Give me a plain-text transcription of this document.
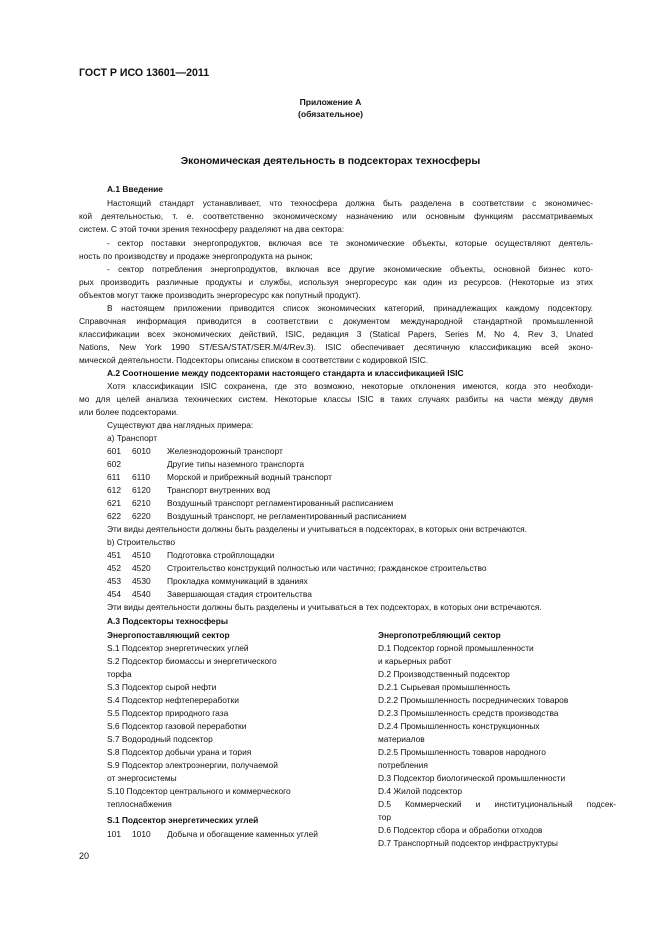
ГОСТ Р ИСО 13601—2011
Приложение А
(обязательное)
Экономическая деятельность в подсекторах техносферы
А.1 Введение
Настоящий стандарт устанавливает, что техносфера должна быть разделена в соответствии с экономичес-
кой деятельностью, т. е. соответственно экономическому назначению или основным функциям рассматриваемых
систем. С этой точки зрения техносферу разделяют на два сектора:
- сектор поставки энергопродуктов, включая все те экономические объекты, которые осуществляют деятель-
ность по производству и продаже энергопродукта на рынок;
- сектор потребления энергопродуктов, включая все другие экономические объекты, основной бизнес кото-
рых производить различные продукты и службы, используя энергоресурс как один из ресурсов. (Некоторые из этих
объектов могут также производить энергоресурс как попутный продукт).
В настоящем приложении приводится список экономических категорий, принадлежащих каждому подсектору.
Справочная информация приводится в соответствии с документом международной стандартной промышленной
классификации всех экономических действий, ISIC, редакция 3 (Statical Papers, Series M, No 4, Rev 3, Unated
Nations, New York 1990 ST/ESA/STAT/SER.M/4/Rev.3). ISIC обеспечивает десятичную классификацию всей эконо-
мической деятельности. Подсекторы описаны списком в соответствии с кодировкой ISIC.
А.2 Соотношение между подсекторами настоящего стандарта и классификацией ISIC
Хотя классификации ISIC сохранена, где это возможно, некоторые отклонения имеются, когда это необходи-
мо для целей анализа технических систем. Некоторые классы ISIC в таких случаях разбиты на части между двумя
или более подсекторами.
Существуют два наглядных примера:
а) Транспорт
601 6010 Железнодорожный транспорт
602	Другие типы наземного транспорта
611 6110 Морской и прибрежный водный транспорт
612 6120 Транспорт внутренних вод
621 6210 Воздушный транспорт регламентированный расписанием
622 6220 Воздушный транспорт, не регламентированный расписанием
Эти виды деятельности должны быть разделены и учитываться в подсекторах, в которых они встречаются.
b) Строительство
451 4510 Подготовка стройплощадки
452 4520 Строительство конструкций полностью или частично; гражданское строительство
453 4530 Прокладка коммуникаций в зданиях
454 4540 Завершающая стадия строительства
Эти виды деятельности должны быть разделены и учитываться в тех подсекторах, в которых они встречаются.
А.3 Подсекторы техносферы
Энергопоставляющий сектор	Энергопотребляющий сектор
S.1 Подсектор энергетических углей
S.2 Подсектор биомассы и энергетического
торфа
S.3 Подсектор сырой нефти
S.4 Подсектор нефтепереработки
S.5 Подсектор природного газа
S.6 Подсектор газовой переработки
S.7 Водородный подсектор
S.8 Подсектор добычи урана и тория
S.9 Подсектор электроэнергии, получаемой
от энергосистемы
S.10 Подсектор центрального и коммерческого
теплоснабжения
D.1 Подсектор горной промышленности
и карьерных работ
D.2 Производственный подсектор
D.2.1 Сырьевая промышленность
D.2.2 Промышленность посреднических товаров
D.2.3 Промышленность средств производства
D.2.4 Промышленность конструкционных
материалов
D.2.5 Промышленность товаров народного
потребления
D.3 Подсектор биологической промышленности
D.4 Жилой подсектор
D.5 Коммерческий и институциональный подсек-
тор
D.6 Подсектор сбора и обработки отходов
D.7 Транспортный подсектор инфраструктуры
S.1 Подсектор энергетических углей
101 1010 Добыча и обогащение каменных углей
20
